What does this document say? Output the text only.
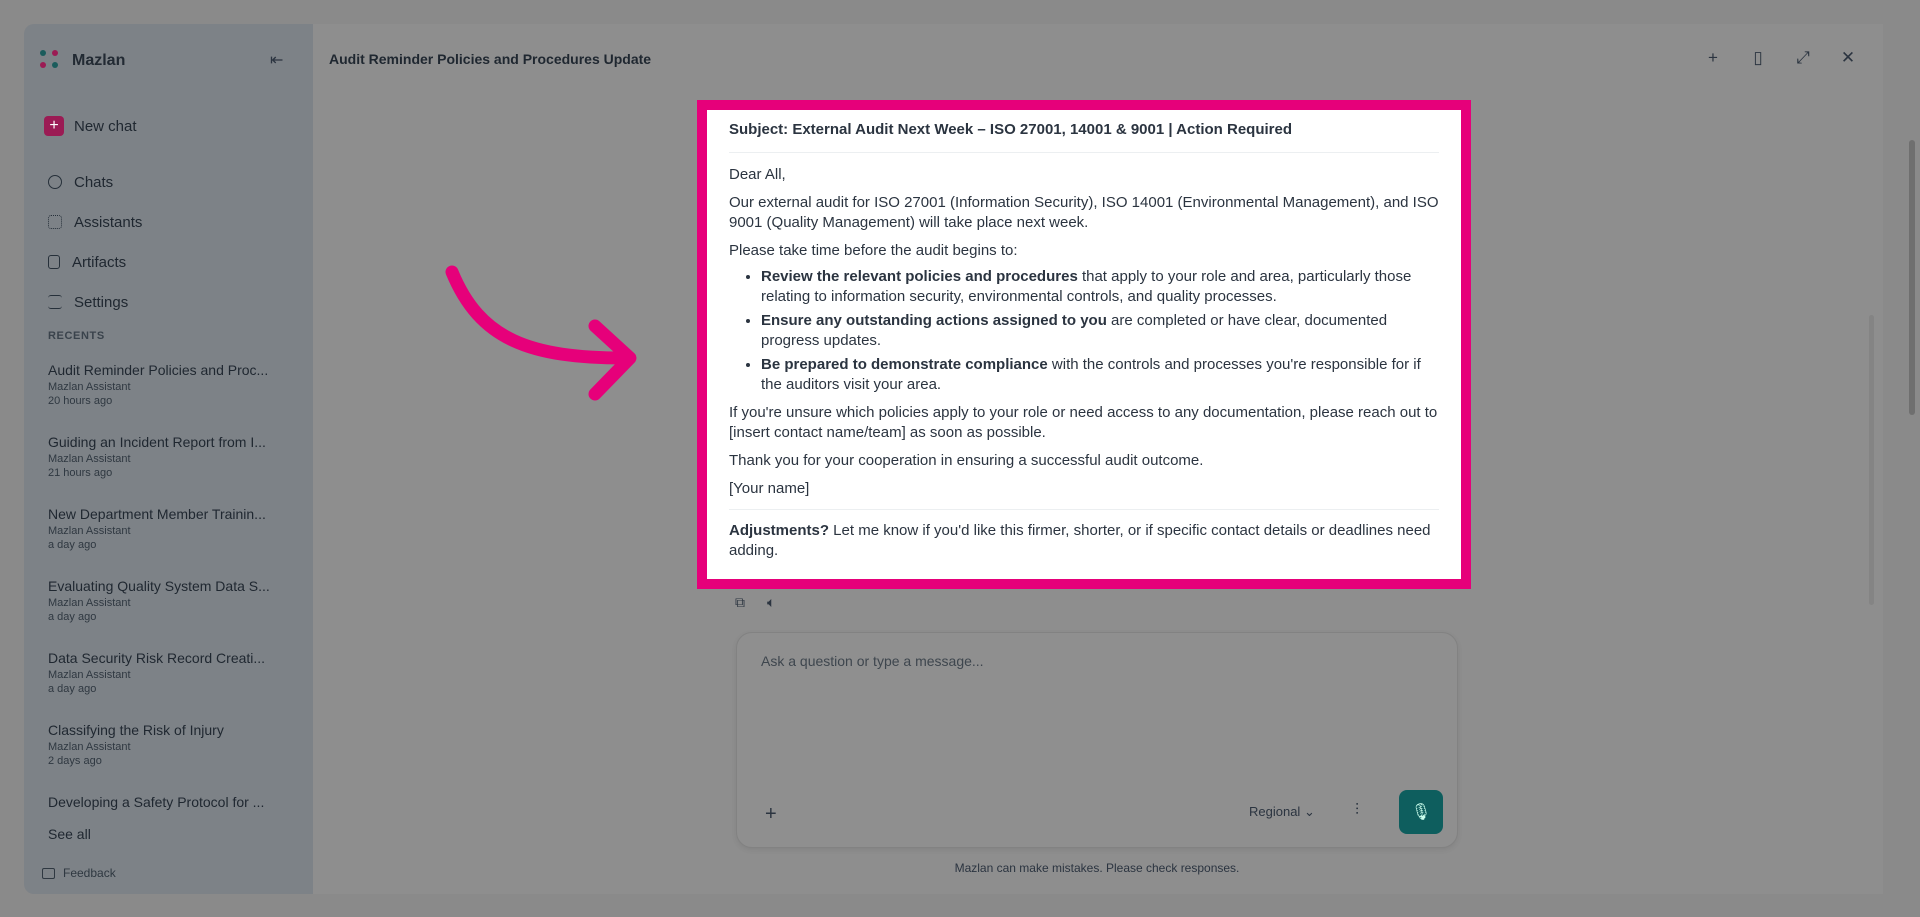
Mazlan	⇤
+	New chat
Chats
Assistants
Artifacts
Settings
RECENTS
Audit Reminder Policies and Proc...
Mazlan Assistant
20 hours ago
Guiding an Incident Report from I...
Mazlan Assistant
21 hours ago
New Department Member Trainin...
Mazlan Assistant
a day ago
Evaluating Quality System Data S...
Mazlan Assistant
a day ago
Data Security Risk Record Creati...
Mazlan Assistant
a day ago
Classifying the Risk of Injury
Mazlan Assistant
2 days ago
Developing a Safety Protocol for ...
See all
Feedback
Audit Reminder Policies and Procedures Update	+	▯	⤢ ✕
Subject: External Audit Next Week – ISO 27001, 14001 & 9001 | Action Required
Dear All,
Our external audit for ISO 27001 (Information Security), ISO 14001 (Environmental Management), and ISO 9001 (Quality Management) will take place next week.
Please take time before the audit begins to:
• Review the relevant policies and procedures that apply to your role and area, particularly those relating to information security, environmental controls, and quality processes.
• Ensure any outstanding actions assigned to you are completed or have clear, documented progress updates.
• Be prepared to demonstrate compliance with the controls and processes you're responsible for if the auditors visit your area.
If you're unsure which policies apply to your role or need access to any documentation, please reach out to [insert contact name/team] as soon as possible.
Thank you for your cooperation in ensuring a successful audit outcome.
[Your name]
Adjustments? Let me know if you'd like this firmer, shorter, or if specific contact details or deadlines need adding.
⧉	🔈︎
Ask a question or type a message...
+	Regional ⌄	⫶	🎙︎
Mazlan can make mistakes. Please check responses.
